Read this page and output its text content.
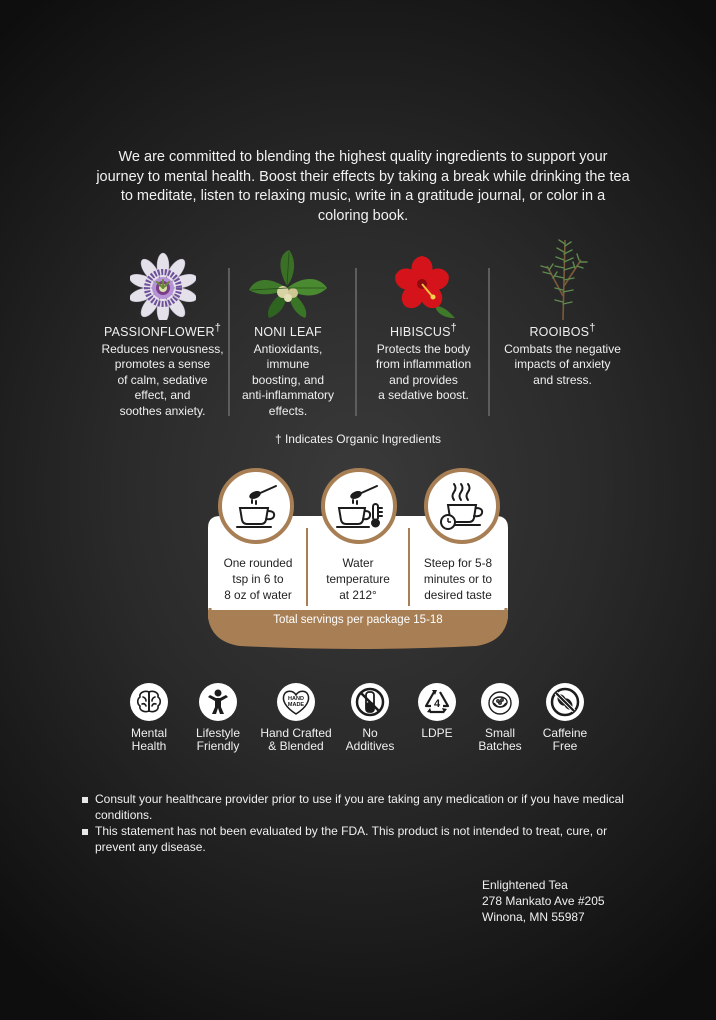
We are committed to blending the highest quality ingredients to support your journey to mental health. Boost their effects by taking a break while drinking the tea to meditate, listen to relaxing music, write in a gratitude journal, or color in a coloring book.
PASSIONFLOWER†
Reduces nervousness,
promotes a sense
of calm, sedative
effect, and
soothes anxiety.
NONI LEAF
Antioxidants,
immune
boosting, and
anti-inflammatory
effects.
HIBISCUS†
Protects the body
from inflammation
and provides
a sedative boost.
ROOIBOS†
Combats the negative
impacts of anxiety
and stress.
† Indicates Organic Ingredients
One rounded
tsp in 6 to
8 oz of water
Water
temperature
at 212°
Steep for 5-8
minutes or to
desired taste
Total servings per package 15-18
Mental
Health
Lifestyle
Friendly
HAND
MADE
Hand Crafted
& Blended
No
Additives
4
LDPE	Small
Batches
Caffeine
Free
Consult your healthcare provider prior to use if you are taking any medication or if you have medical conditions.
This statement has not been evaluated by the FDA. This product is not intended to treat, cure, or prevent any disease.
Enlightened Tea
278 Mankato Ave #205
Winona, MN 55987
